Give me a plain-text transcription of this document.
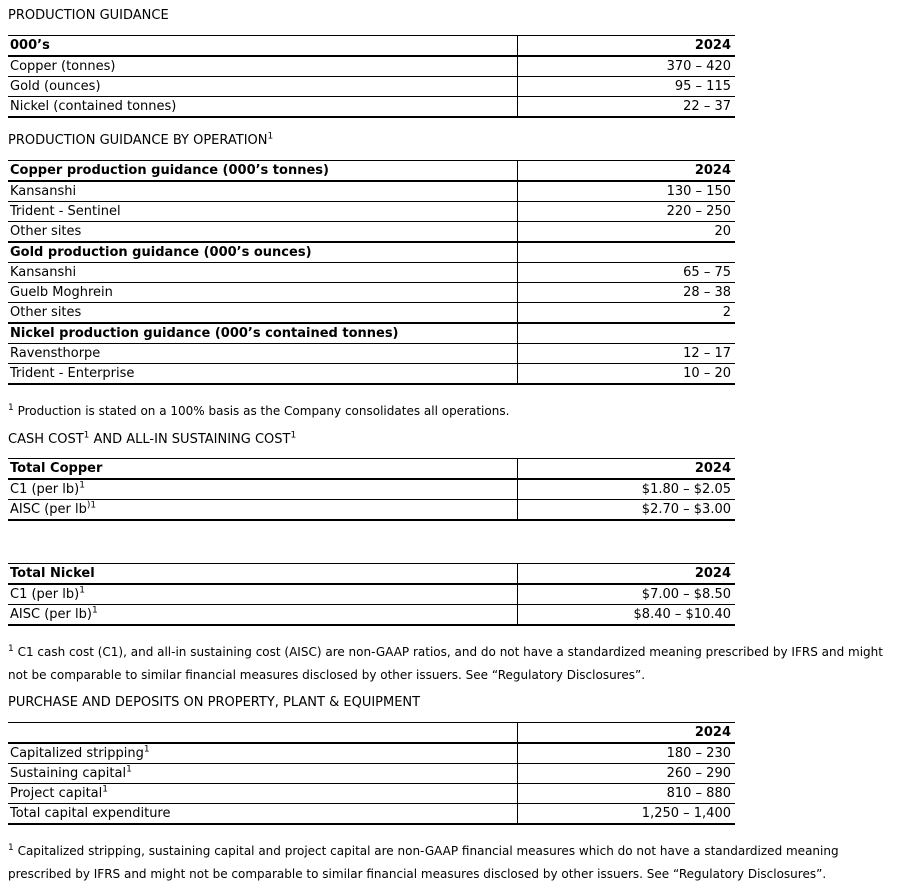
PRODUCTION GUIDANCE
000’s	2024
Copper (tonnes)	370 – 420
Gold (ounces)	95 – 115
Nickel (contained tonnes)	22 – 37
PRODUCTION GUIDANCE BY OPERATION$^1$
Copper production guidance (000’s tonnes)	2024
Kansanshi	130 – 150
Trident - Sentinel	220 – 250
Other sites	20
Gold production guidance (000’s ounces)	
Kansanshi	65 – 75
Guelb Moghrein	28 – 38
Other sites	2
Nickel production guidance (000’s contained tonnes)	
Ravensthorpe	12 – 17
Trident - Enterprise	10 – 20

$^1$ Production is stated on a 100% basis as the Company consolidates all operations.

CASH COST$^1$ AND ALL-IN SUSTAINING COST$^1$
Total Copper	2024
C1 (per lb)$^1$	$1.80 – $2.05
AISC (per $lb^{)1}$	$2.70 – $3.00
Total Nickel	2024
C1 (per lb)$^1$	$7.00 – $8.50
AISC (per lb)$^1$	$8.40 – $10.40

$^1$ C1 cash cost (C1), and all-in sustaining cost (AISC) are non-GAAP ratios, and do not have a standardized meaning prescribed by IFRS and might not be comparable to similar financial measures disclosed by other issuers. See “Regulatory Disclosures”.

PURCHASE AND DEPOSITS ON PROPERTY, PLANT & EQUIPMENT
	2024
Capitalized stripping$^1$	180 – 230
Sustaining capital$^1$	260 – 290
Project capital$^1$	810 – 880
Total capital expenditure	1,250 – 1,400

$^1$ Capitalized stripping, sustaining capital and project capital are non-GAAP financial measures which do not have a standardized meaning prescribed by IFRS and might not be comparable to similar financial measures disclosed by other issuers. See “Regulatory Disclosures”.
